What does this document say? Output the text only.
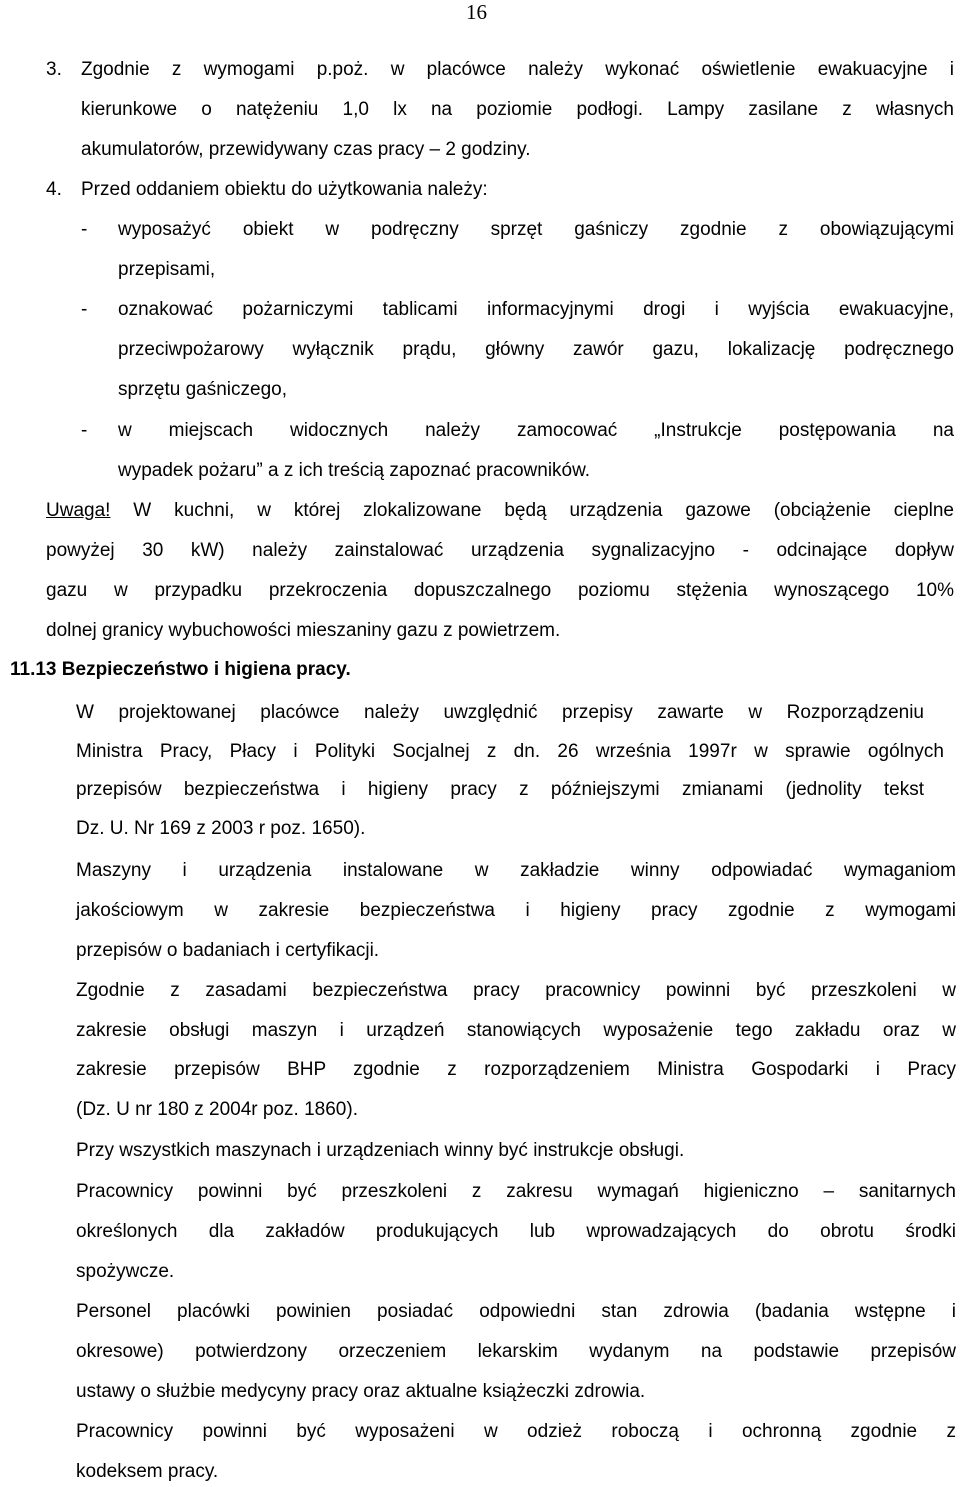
16
3. Zgodnie z wymogami p.poż. w placówce należy wykonać oświetlenie ewakuacyjne i
kierunkowe o natężeniu 1,0 lx na poziomie podłogi. Lampy zasilane z własnych
akumulatorów, przewidywany czas pracy – 2 godziny.
4. Przed oddaniem obiektu do użytkowania należy:
- wyposażyć obiekt w podręczny sprzęt gaśniczy zgodnie z obowiązującymi
przepisami,
- oznakować pożarniczymi tablicami informacyjnymi drogi i wyjścia ewakuacyjne,
przeciwpożarowy wyłącznik prądu, główny zawór gazu, lokalizację podręcznego
sprzętu gaśniczego,
- w miejscach widocznych należy zamocować „Instrukcje postępowania na
wypadek pożaru” a z ich treścią zapoznać pracowników.
Uwaga! W kuchni, w której zlokalizowane będą urządzenia gazowe (obciążenie cieplne
powyżej 30 kW) należy zainstalować urządzenia sygnalizacyjno - odcinające dopływ
gazu w przypadku przekroczenia dopuszczalnego poziomu stężenia wynoszącego 10%
dolnej granicy wybuchowości mieszaniny gazu z powietrzem.
11.13 Bezpieczeństwo i higiena pracy.
W projektowanej placówce należy uwzględnić przepisy zawarte w Rozporządzeniu
Ministra Pracy, Płacy i Polityki Socjalnej z dn. 26 września 1997r w sprawie ogólnych
przepisów bezpieczeństwa i higieny pracy z późniejszymi zmianami (jednolity tekst
Dz. U. Nr 169 z 2003 r poz. 1650).
Maszyny i urządzenia instalowane w zakładzie winny odpowiadać wymaganiom
jakościowym w zakresie bezpieczeństwa i higieny pracy zgodnie z wymogami
przepisów o badaniach i certyfikacji.
Zgodnie z zasadami bezpieczeństwa pracy pracownicy powinni być przeszkoleni w
zakresie obsługi maszyn i urządzeń stanowiących wyposażenie tego zakładu oraz w
zakresie przepisów BHP zgodnie z rozporządzeniem Ministra Gospodarki i Pracy
(Dz. U nr 180 z 2004r poz. 1860).
Przy wszystkich maszynach i urządzeniach winny być instrukcje obsługi.
Pracownicy powinni być przeszkoleni z zakresu wymagań higieniczno – sanitarnych
określonych dla zakładów produkujących lub wprowadzających do obrotu środki
spożywcze.
Personel placówki powinien posiadać odpowiedni stan zdrowia (badania wstępne i
okresowe) potwierdzony orzeczeniem lekarskim wydanym na podstawie przepisów
ustawy o służbie medycyny pracy oraz aktualne książeczki zdrowia.
Pracownicy powinni być wyposażeni w odzież roboczą i ochronną zgodnie z
kodeksem pracy.
